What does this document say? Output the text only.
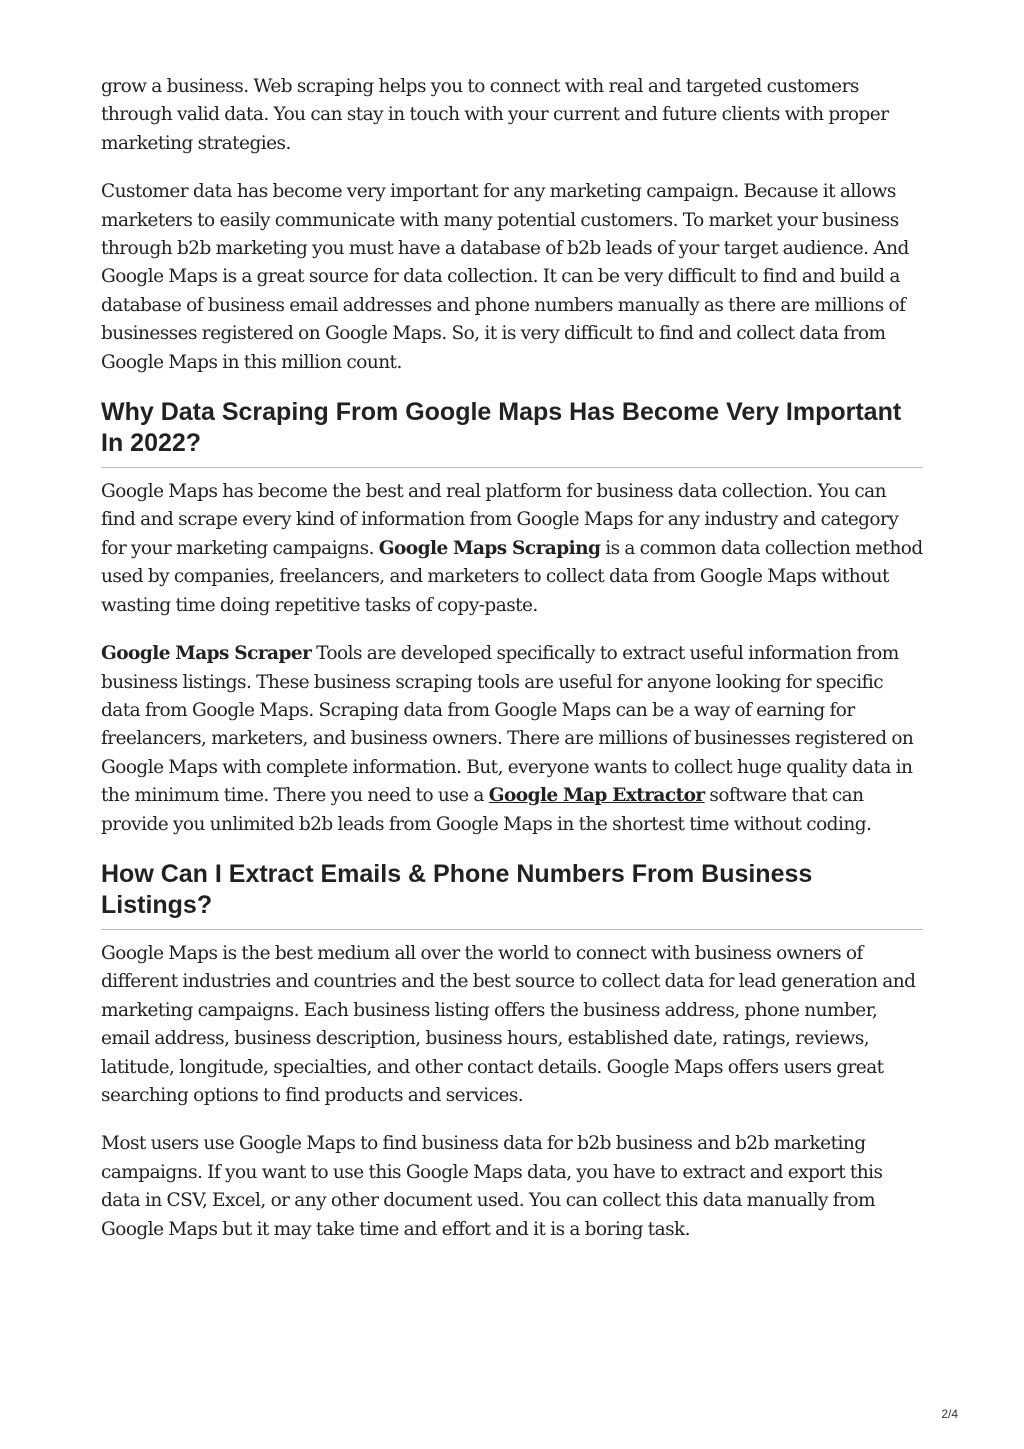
grow a business. Web scraping helps you to connect with real and targeted customers through valid data. You can stay in touch with your current and future clients with proper marketing strategies.

Customer data has become very important for any marketing campaign. Because it allows marketers to easily communicate with many potential customers. To market your business through b2b marketing you must have a database of b2b leads of your target audience. And Google Maps is a great source for data collection. It can be very difficult to find and build a database of business email addresses and phone numbers manually as there are millions of businesses registered on Google Maps. So, it is very difficult to find and collect data from Google Maps in this million count.

Why Data Scraping From Google Maps Has Become Very Important In 2022?

Google Maps has become the best and real platform for business data collection. You can find and scrape every kind of information from Google Maps for any industry and category for your marketing campaigns. Google Maps Scraping is a common data collection method used by companies, freelancers, and marketers to collect data from Google Maps without wasting time doing repetitive tasks of copy-paste.

Google Maps Scraper Tools are developed specifically to extract useful information from business listings. These business scraping tools are useful for anyone looking for specific data from Google Maps. Scraping data from Google Maps can be a way of earning for freelancers, marketers, and business owners. There are millions of businesses registered on Google Maps with complete information. But, everyone wants to collect huge quality data in the minimum time. There you need to use a Google Map Extractor software that can provide you unlimited b2b leads from Google Maps in the shortest time without coding.

How Can I Extract Emails & Phone Numbers From Business Listings?

Google Maps is the best medium all over the world to connect with business owners of different industries and countries and the best source to collect data for lead generation and marketing campaigns. Each business listing offers the business address, phone number, email address, business description, business hours, established date, ratings, reviews, latitude, longitude, specialties, and other contact details. Google Maps offers users great searching options to find products and services.

Most users use Google Maps to find business data for b2b business and b2b marketing campaigns. If you want to use this Google Maps data, you have to extract and export this data in CSV, Excel, or any other document used. You can collect this data manually from Google Maps but it may take time and effort and it is a boring task.

2/4
